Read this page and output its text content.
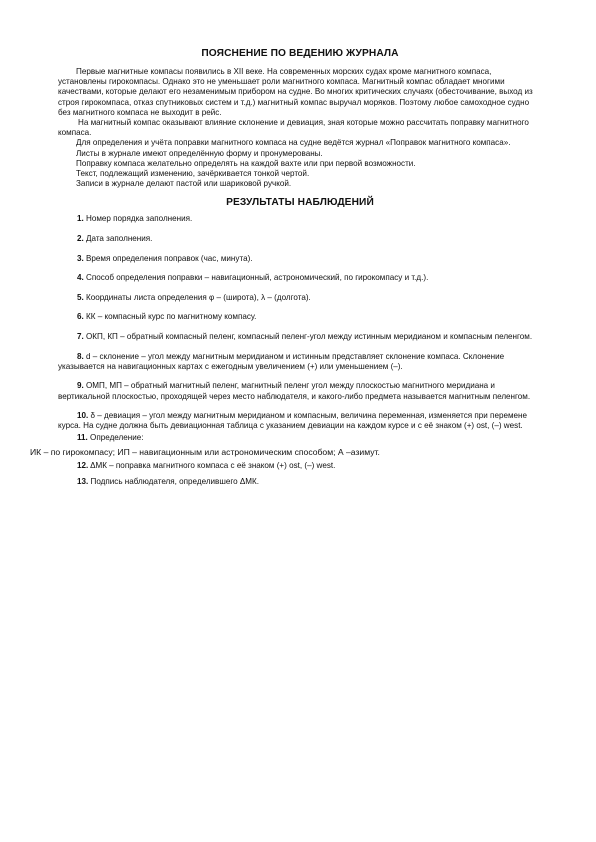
ПОЯСНЕНИЕ ПО ВЕДЕНИЮ ЖУРНАЛА

Первые магнитные компасы появились в XII веке. На современных морских судах кроме магнитного компаса, установлены гирокомпасы. Однако это не уменьшает роли магнитного компаса. Магнитный компас обладает многими качествами, которые делают его незаменимым прибором на судне. Во многих критических случаях (обесточивание, выход из строя гирокомпаса, отказ спутниковых систем и т.д.) магнитный компас выручал моряков. Поэтому любое самоходное судно без магнитного компаса не выходит в рейс.

На магнитный компас оказывают влияние склонение и девиация, зная которые можно рассчитать поправку магнитного компаса.

Для определения и учёта поправки магнитного компаса на судне ведётся журнал «Поправок магнитного компаса».

Листы в журнале имеют определённую форму и пронумерованы.

Поправку компаса желательно определять на каждой вахте или при первой возможности.

Текст, подлежащий изменению, зачёркивается тонкой чертой.

Записи в журнале делают пастой или шариковой ручкой.

РЕЗУЛЬТАТЫ НАБЛЮДЕНИЙ

1. Номер порядка заполнения.

2. Дата заполнения.

3. Время определения поправок (час, минута).

4. Способ определения поправки – навигационный, астрономический, по гирокомпасу и т.д.).

5. Координаты листа определения φ – (широта), λ – (долгота).

6. КК – компасный курс по магнитному компасу.

7. ОКП, КП – обратный компасный пеленг, компасный пеленг-угол между истинным меридианом и компасным пеленгом.

8. d – склонение – угол между магнитным меридианом и истинным представляет склонение компаса. Склонение указывается на навигационных картах с ежегодным увеличением (+) или уменьшением (–).

9. ОМП, МП – обратный магнитный пеленг, магнитный пеленг угол между плоскостью магнитного меридиана и вертикальной плоскостью, проходящей через место наблюдателя, и какого-либо предмета называется магнитным пеленгом.

10. δ – девиация – угол между магнитным меридианом и компасным, величина переменная, изменяется при перемене курса. На судне должна быть девиационная таблица с указанием девиации на каждом курсе и с её знаком (+) ost, (–) west.

11. Определение:

ИК – по гирокомпасу; ИП – навигационным или астрономическим способом; А –азимут.

12. ΔМК – поправка магнитного компаса с её знаком (+) ost, (–) west.

13. Подпись наблюдателя, определившего ΔМК.
